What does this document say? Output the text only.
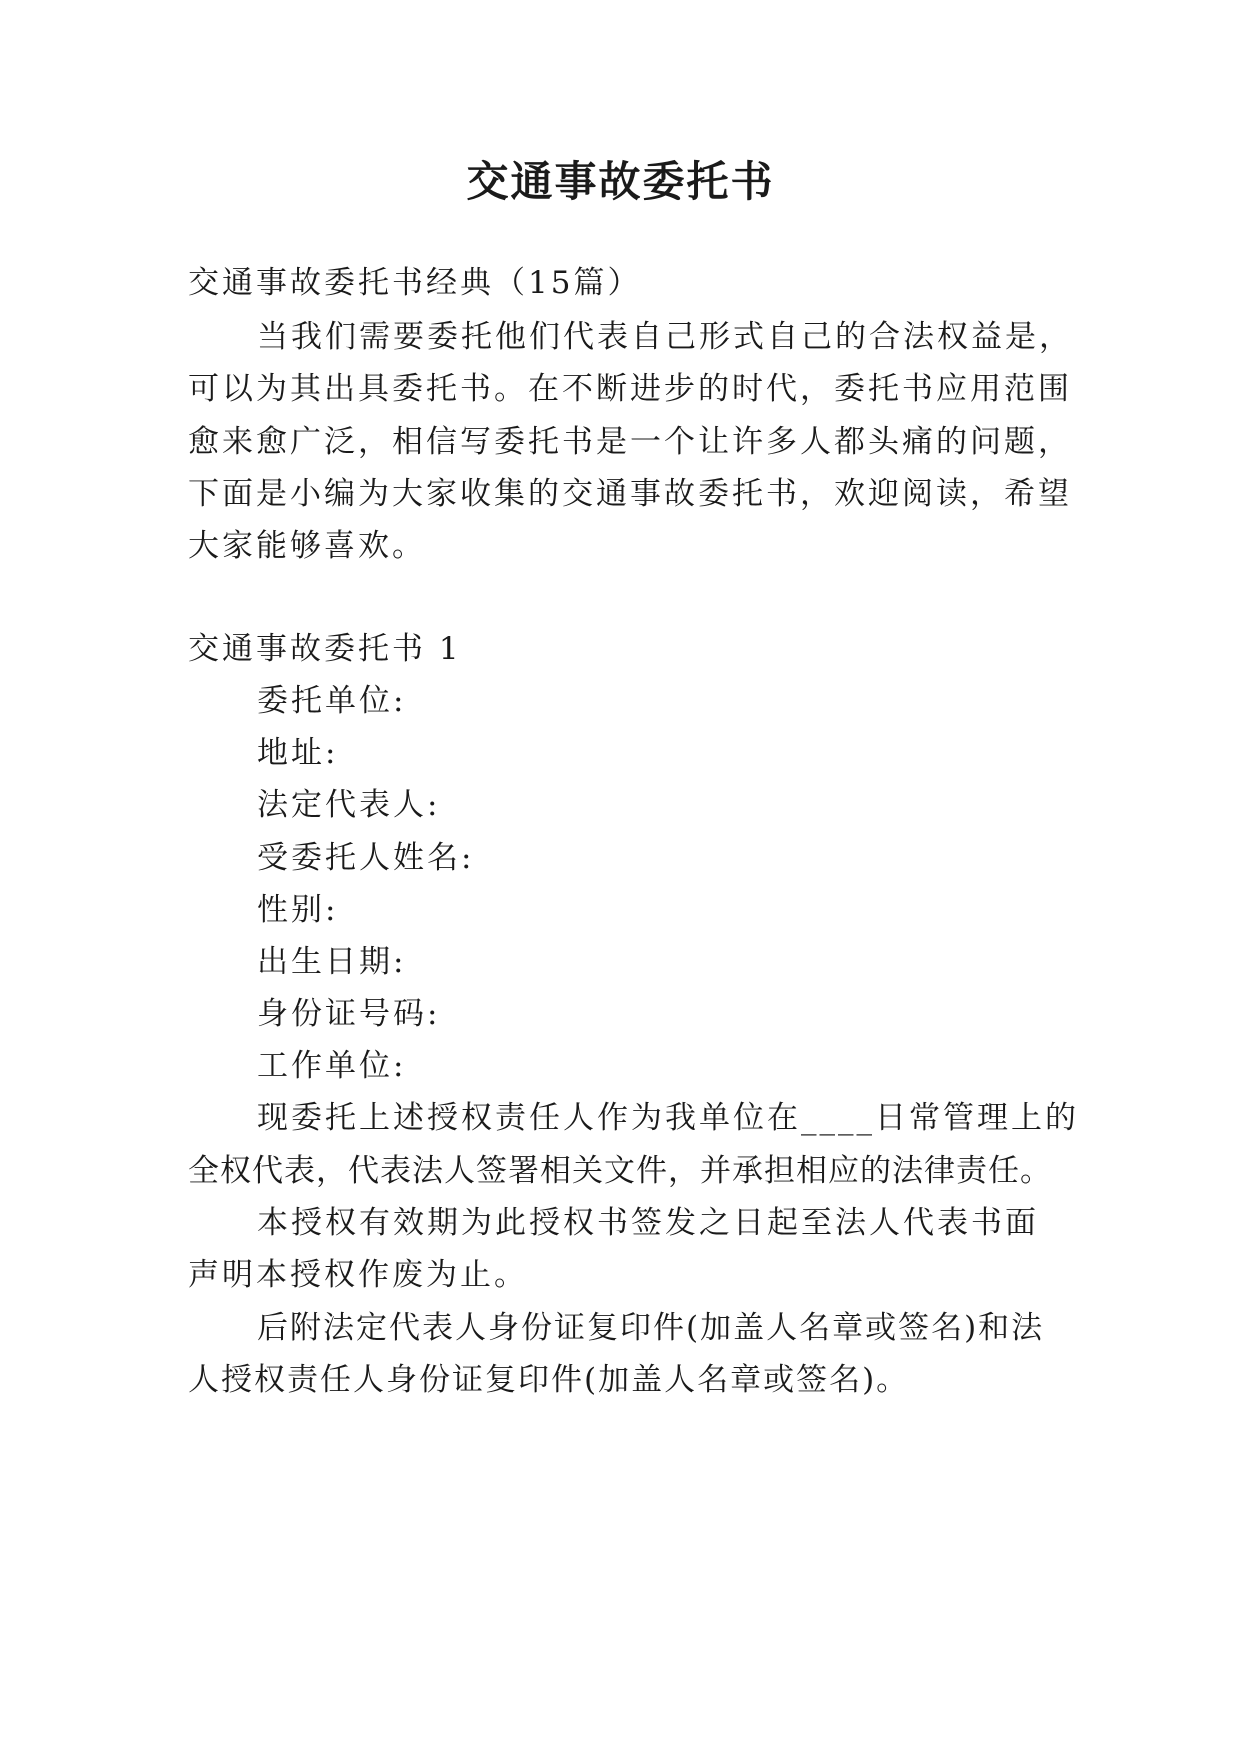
交通事故委托书
交通事故委托书经典（15篇）
当我们需要委托他们代表自己形式自己的合法权益是，
可以为其出具委托书。在不断进步的时代，委托书应用范围
愈来愈广泛，相信写委托书是一个让许多人都头痛的问题，
下面是小编为大家收集的交通事故委托书，欢迎阅读，希望
大家能够喜欢。
交通事故委托书 1
委托单位:
地址:
法定代表人:
受委托人姓名:
性别:
出生日期:
身份证号码:
工作单位:
现委托上述授权责任人作为我单位在____日常管理上的
全权代表，代表法人签署相关文件，并承担相应的法律责任。
本授权有效期为此授权书签发之日起至法人代表书面
声明本授权作废为止。
后附法定代表人身份证复印件(加盖人名章或签名)和法
人授权责任人身份证复印件(加盖人名章或签名)。
